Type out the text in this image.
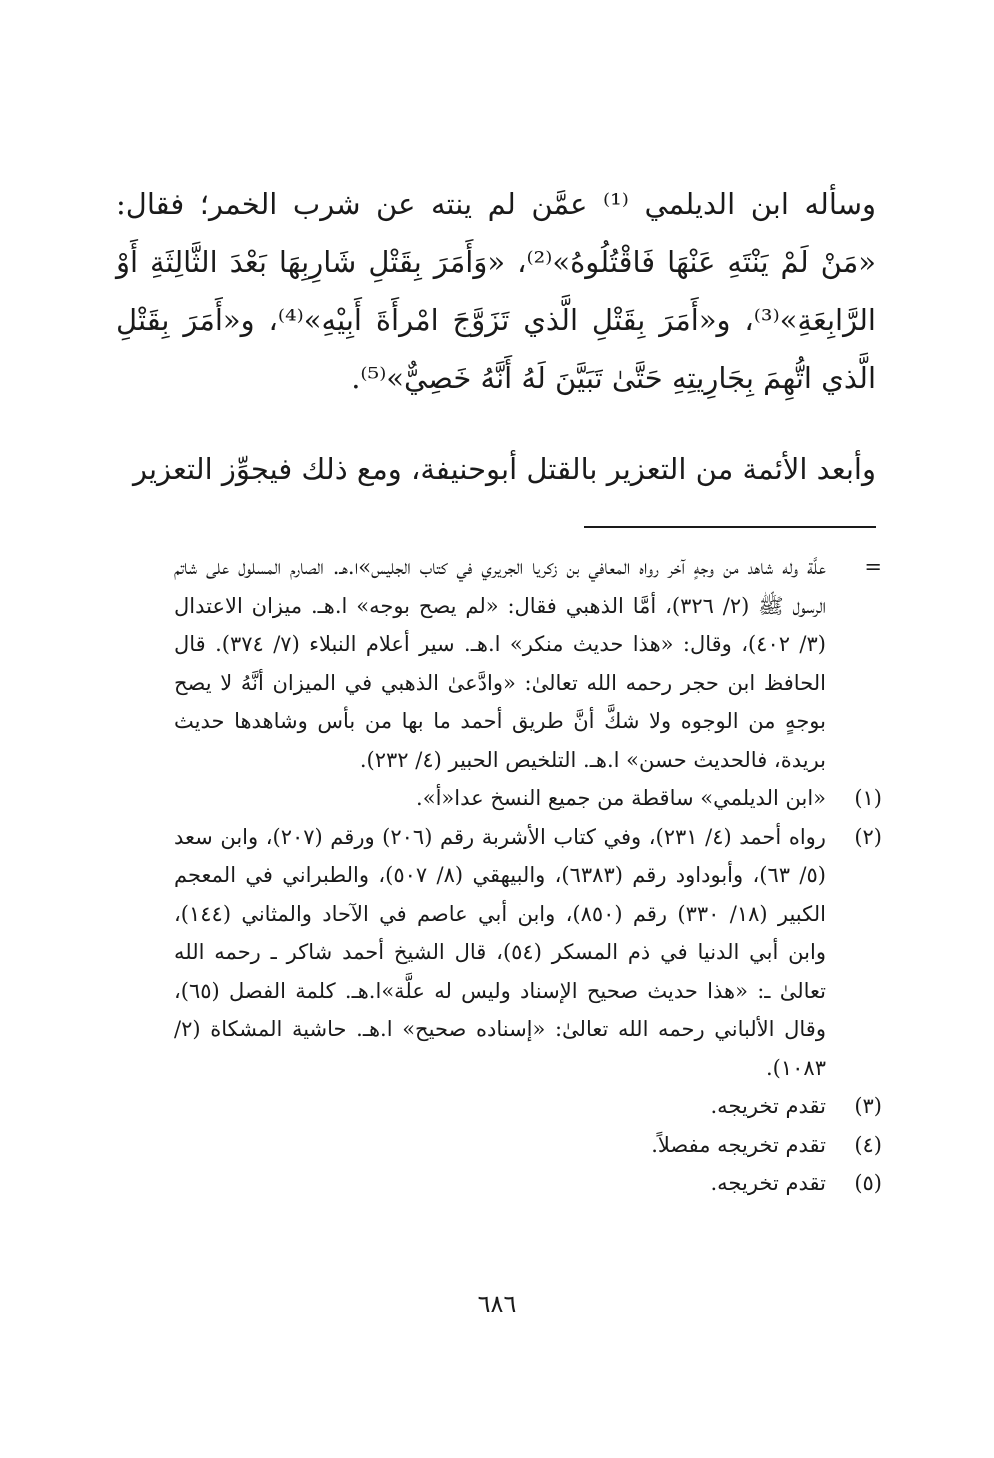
وسأله ابن الديلمي ⁽¹⁾ عمَّن لم ينته عن شرب الخمر؛ فقال: «مَنْ لَمْ يَنْتَهِ عَنْهَا فَاقْتُلُوهُ»⁽²⁾، «وَأَمَرَ بِقَتْلِ شَارِبِهَا بَعْدَ الثَّالِثَةِ أَوْ الرَّابِعَةِ»⁽³⁾، و«أَمَرَ بِقَتْلِ الَّذي تَزَوَّجَ امْرأَةَ أَبِيْهِ»⁽⁴⁾، و«أَمَرَ بِقَتْلِ الَّذي اتُّهِمَ بِجَارِيتِهِ حَتَّىٰ تَبَيَّنَ لَهُ أَنَّهُ خَصِيٌّ»⁽⁵⁾.

وأبعد الأئمة من التعزير بالقتل أبوحنيفة، ومع ذلك فيجوِّز التعزير
=
علَّة وله شاهد من وجهٍ آخر رواه المعافي بن زكريا الجريري في كتاب الجليس»ا.هـ. الصارم المسلول على شاتم الرسول ﷺ (٢/ ٣٢٦)، أمَّا الذهبي فقال: «لم يصح بوجه» ا.هـ. ميزان الاعتدال (٣/ ٤٠٢)، وقال: «هذا حديث منكر» ا.هـ. سير أعلام النبلاء (٧/ ٣٧٤). قال الحافظ ابن حجر رحمه الله تعالىٰ: «وادَّعىٰ الذهبي في الميزان أنَّهُ لا يصح بوجهٍ من الوجوه ولا شكَّ أنَّ طريق أحمد ما بها من بأس وشاهدها حديث بريدة، فالحديث حسن» ا.هـ. التلخيص الحبير (٤/ ٢٣٢).
(١)
«ابن الديلمي» ساقطة من جميع النسخ عدا«أ».
(٢)
رواه أحمد (٤/ ٢٣١)، وفي كتاب الأشربة رقم (٢٠٦) ورقم (٢٠٧)، وابن سعد (٥/ ٦٣)، وأبوداود رقم (٦٣٨٣)، والبيهقي (٨/ ٥٠٧)، والطبراني في المعجم الكبير (١٨/ ٣٣٠) رقم (٨٥٠)، وابن أبي عاصم في الآحاد والمثاني (١٤٤)، وابن أبي الدنيا في ذم المسكر (٥٤)، قال الشيخ أحمد شاكر ـ رحمه الله تعالىٰ ـ: «هذا حديث صحيح الإسناد وليس له علَّة»ا.هـ. كلمة الفصل (٦٥)، وقال الألباني رحمه الله تعالىٰ: «إسناده صحيح» ا.هـ. حاشية المشكاة (٢/ ١٠٨٣).
(٣)
تقدم تخريجه.
(٤)
تقدم تخريجه مفصلاً.
(٥)
تقدم تخريجه.
٦٨٦
